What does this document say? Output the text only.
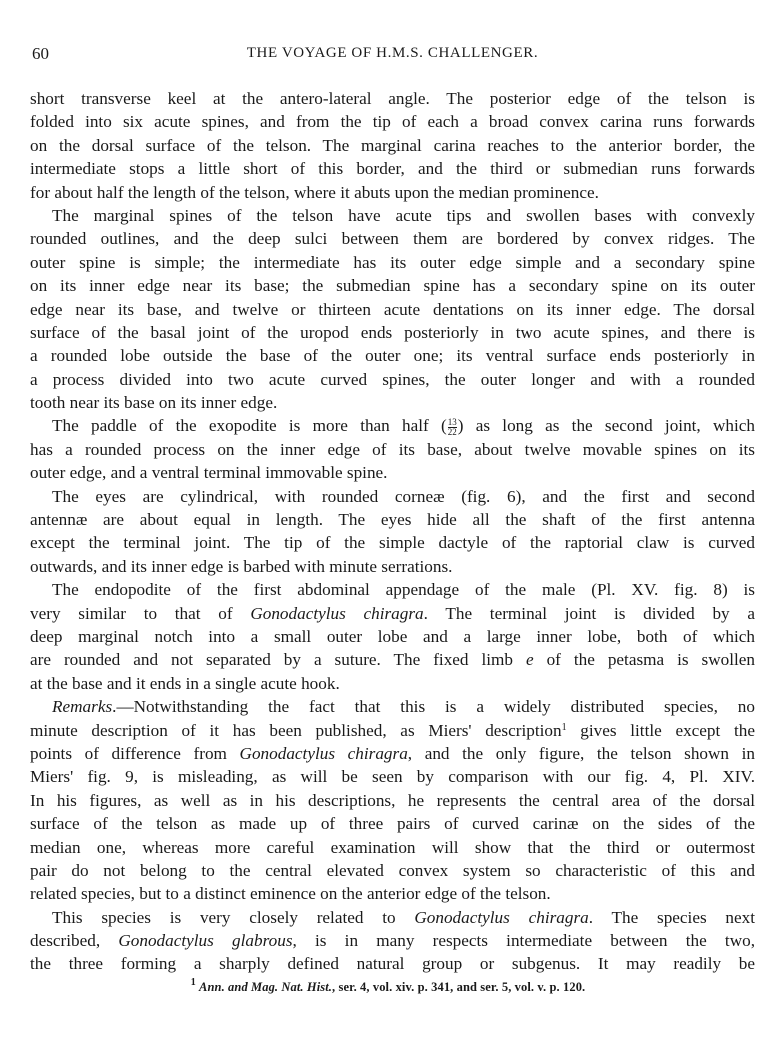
60	THE VOYAGE OF H.M.S. CHALLENGER.
short transverse keel at the antero-lateral angle. The posterior edge of the telson is
folded into six acute spines, and from the tip of each a broad convex carina runs forwards
on the dorsal surface of the telson. The marginal carina reaches to the anterior border, the
intermediate stops a little short of this border, and the third or submedian runs forwards
for about half the length of the telson, where it abuts upon the median prominence.
The marginal spines of the telson have acute tips and swollen bases with convexly
rounded outlines, and the deep sulci between them are bordered by convex ridges. The
outer spine is simple; the intermediate has its outer edge simple and a secondary spine
on its inner edge near its base; the submedian spine has a secondary spine on its outer
edge near its base, and twelve or thirteen acute dentations on its inner edge. The dorsal
surface of the basal joint of the uropod ends posteriorly in two acute spines, and there is
a rounded lobe outside the base of the outer one; its ventral surface ends posteriorly in
a process divided into two acute curved spines, the outer longer and with a rounded
tooth near its base on its inner edge.
The paddle of the exopodite is more than half ( $\frac{13}{22}$ ) as long as the second joint, which
has a rounded process on the inner edge of its base, about twelve movable spines on its
outer edge, and a ventral terminal immovable spine.
The eyes are cylindrical, with rounded corneæ (fig. 6), and the first and second
antennæ are about equal in length. The eyes hide all the shaft of the first antenna
except the terminal joint. The tip of the simple dactyle of the raptorial claw is curved
outwards, and its inner edge is barbed with minute serrations.
The endopodite of the first abdominal appendage of the male (Pl. XV. fig. 8) is
very similar to that of Gonodactylus chiragra. The terminal joint is divided by a
deep marginal notch into a small outer lobe and a large inner lobe, both of which
are rounded and not separated by a suture. The fixed limb e of the petasma is swollen
at the base and it ends in a single acute hook.
Remarks.—Notwithstanding the fact that this is a widely distributed species, no
minute description of it has been published, as Miers' description$^1$ gives little except the
points of difference from Gonodactylus chiragra, and the only figure, the telson shown in
Miers' fig. 9, is misleading, as will be seen by comparison with our fig. 4, Pl. XIV.
In his figures, as well as in his descriptions, he represents the central area of the dorsal
surface of the telson as made up of three pairs of curved carinæ on the sides of the
median one, whereas more careful examination will show that the third or outermost
pair do not belong to the central elevated convex system so characteristic of this and
related species, but to a distinct eminence on the anterior edge of the telson.
This species is very closely related to Gonodactylus chiragra. The species next
described, Gonodactylus glabrous, is in many respects intermediate between the two,
the three forming a sharply defined natural group or subgenus. It may readily be
$^1$ Ann. and Mag. Nat. Hist., ser. 4, vol. xiv. p. 341, and ser. 5, vol. v. p. 120.
